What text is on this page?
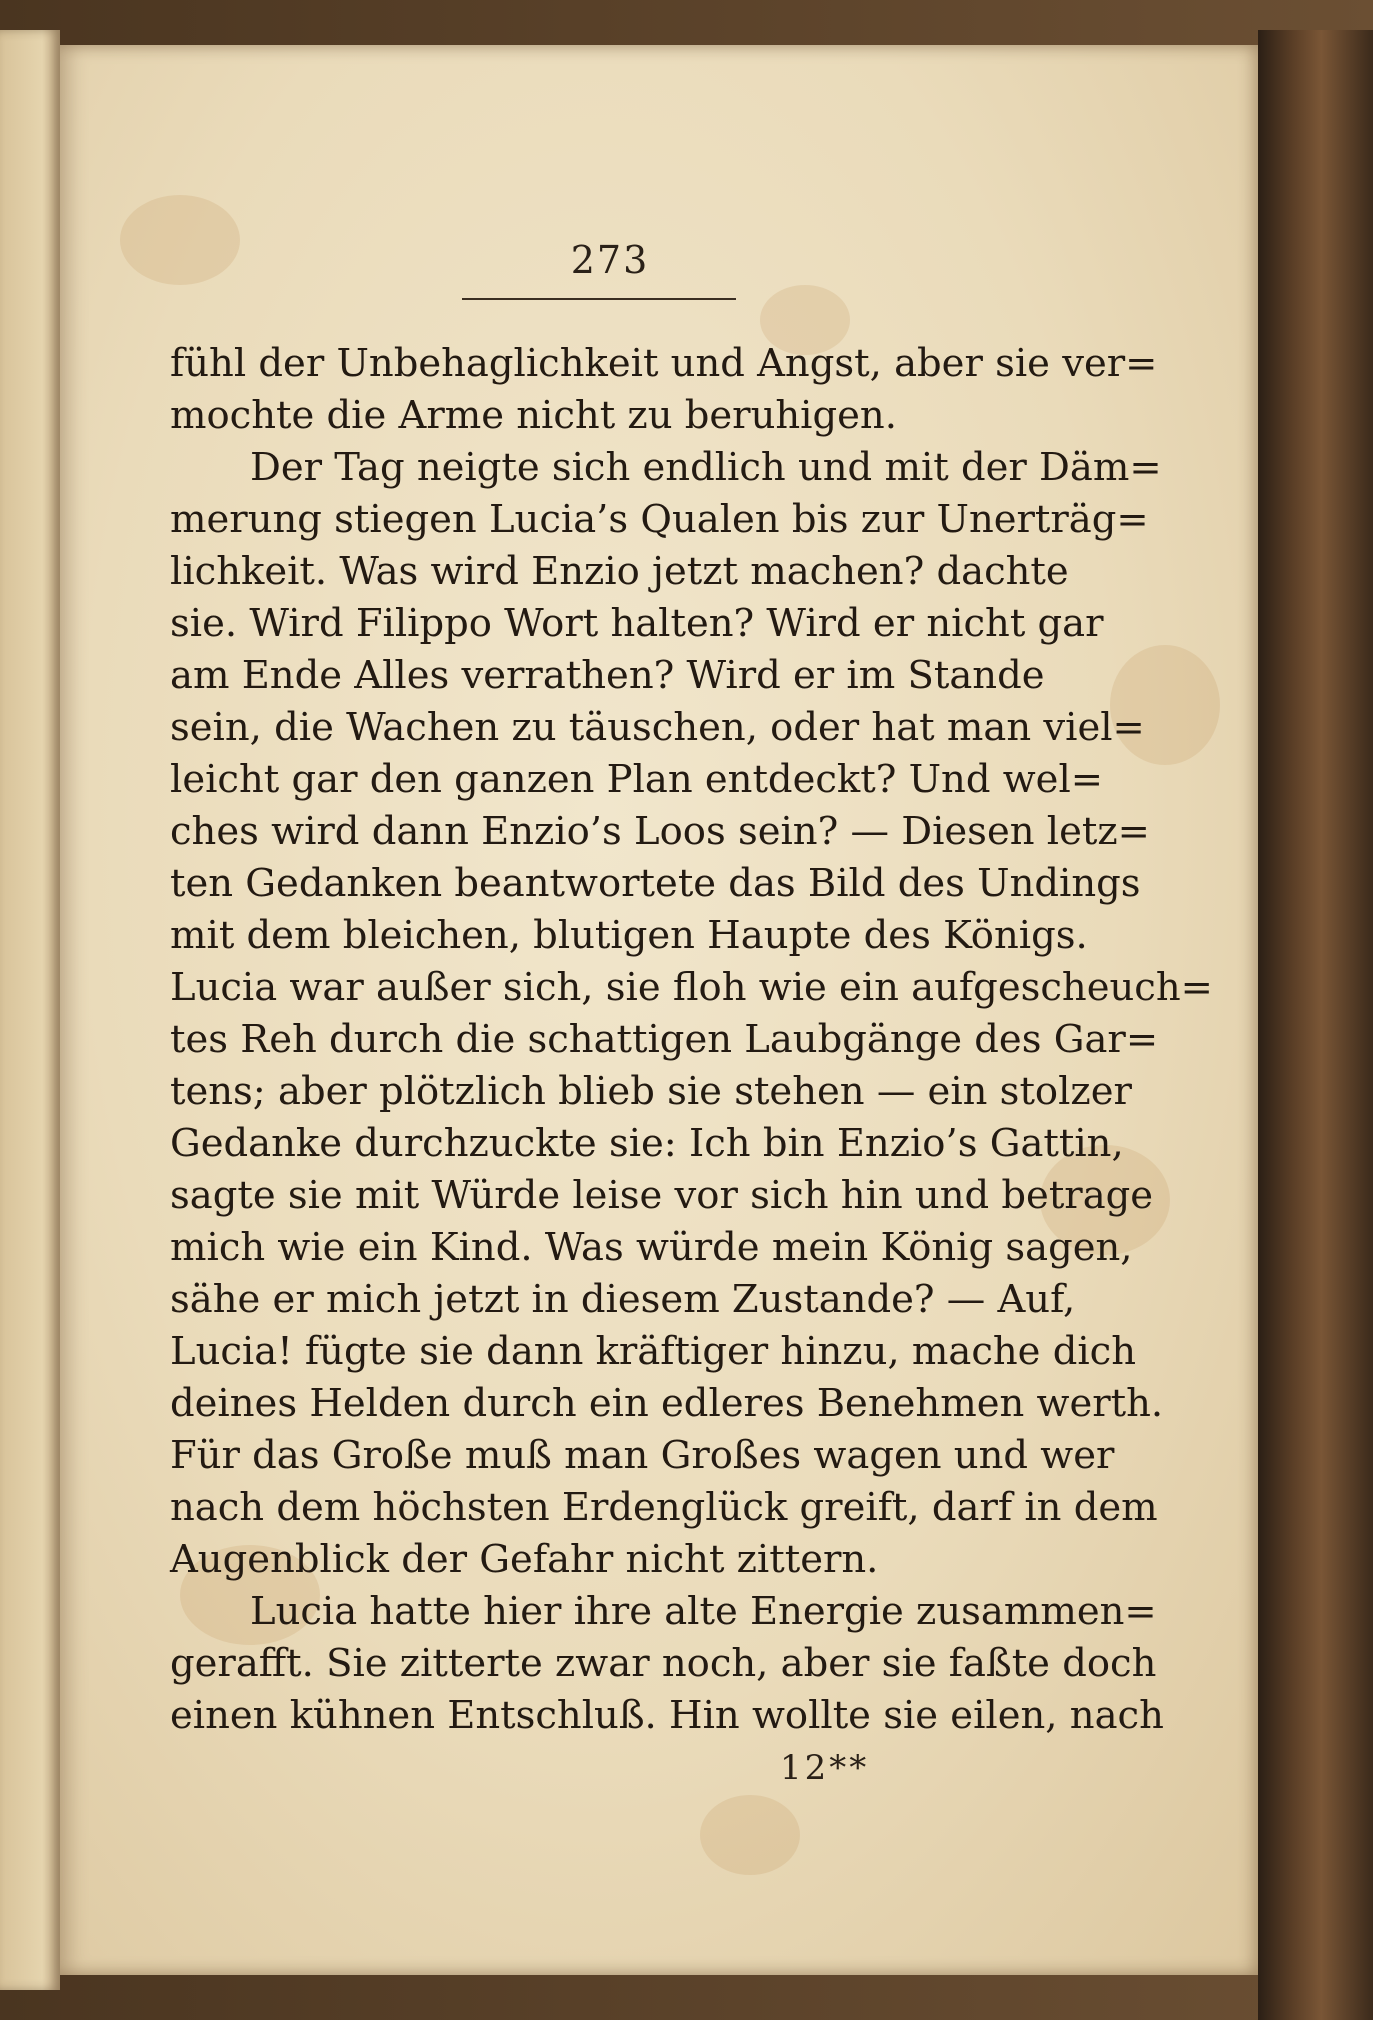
273
fühl der Unbehaglichkeit und Angst, aber sie ver=
mochte die Arme nicht zu beruhigen.
Der Tag neigte sich endlich und mit der Däm=
merung stiegen Lucia’s Qualen bis zur Unerträg=
lichkeit. Was wird Enzio jetzt machen? dachte
sie. Wird Filippo Wort halten? Wird er nicht gar
am Ende Alles verrathen? Wird er im Stande
sein, die Wachen zu täuschen, oder hat man viel=
leicht gar den ganzen Plan entdeckt? Und wel=
ches wird dann Enzio’s Loos sein? — Diesen letz=
ten Gedanken beantwortete das Bild des Undings
mit dem bleichen, blutigen Haupte des Königs.
Lucia war außer sich, sie floh wie ein aufgescheuch=
tes Reh durch die schattigen Laubgänge des Gar=
tens; aber plötzlich blieb sie stehen — ein stolzer
Gedanke durchzuckte sie: Ich bin Enzio’s Gattin,
sagte sie mit Würde leise vor sich hin und betrage
mich wie ein Kind. Was würde mein König sagen,
sähe er mich jetzt in diesem Zustande? — Auf,
Lucia! fügte sie dann kräftiger hinzu, mache dich
deines Helden durch ein edleres Benehmen werth.
Für das Große muß man Großes wagen und wer
nach dem höchsten Erdenglück greift, darf in dem
Augenblick der Gefahr nicht zittern.
Lucia hatte hier ihre alte Energie zusammen=
gerafft. Sie zitterte zwar noch, aber sie faßte doch
einen kühnen Entschluß. Hin wollte sie eilen, nach
12**
